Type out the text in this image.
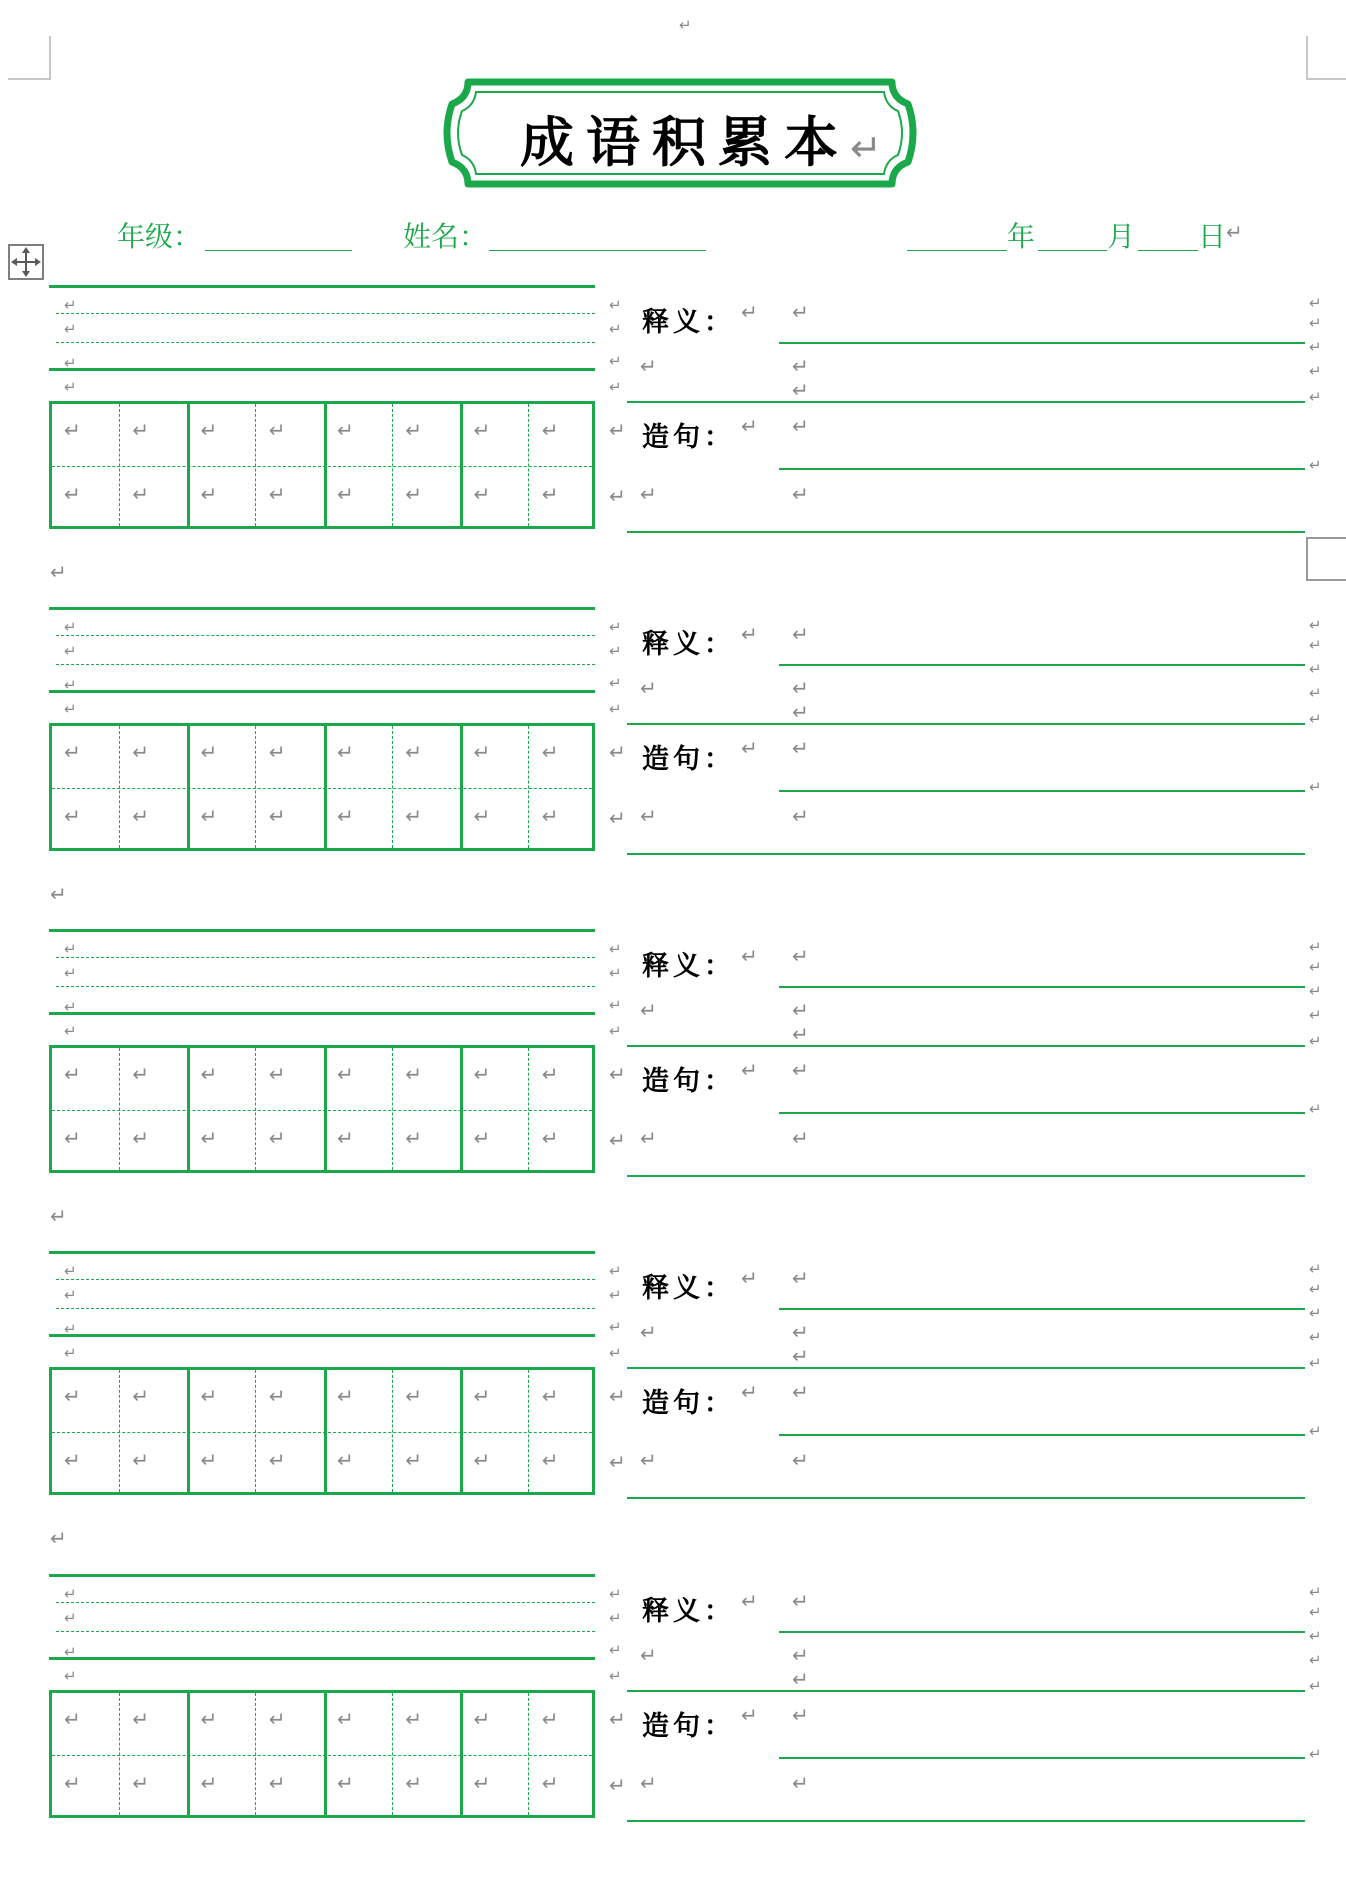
↵
成语积累本↵
年级：	姓名：	年	月 日 ↵
↵
↵
↵
↵
↵	↵	↵	↵	↵	↵	↵	↵
↵	↵	↵	↵	↵	↵	↵	↵
↵
↵
↵
↵
↵
↵
释义：
造句：
↵
↵
↵
↵
↵
↵
↵
↵
↵
↵
↵
↵
↵
↵
↵
↵
↵
↵
↵
↵
↵	↵	↵	↵	↵	↵	↵	↵
↵	↵	↵	↵	↵	↵	↵	↵
↵
↵
↵
↵
↵
↵
释义：
造句：
↵
↵
↵
↵
↵
↵
↵
↵
↵
↵
↵
↵
↵
↵
↵
↵
↵
↵
↵
↵
↵	↵	↵	↵	↵	↵	↵	↵
↵	↵	↵	↵	↵	↵	↵	↵
↵
↵
↵
↵
↵
↵
释义：
造句：
↵
↵
↵
↵
↵
↵
↵
↵
↵
↵
↵
↵
↵
↵
↵
↵
↵
↵
↵
↵
↵	↵	↵	↵	↵	↵	↵	↵
↵	↵	↵	↵	↵	↵	↵	↵
↵
↵
↵
↵
↵
↵
释义：
造句：
↵
↵
↵
↵
↵
↵
↵
↵
↵
↵
↵
↵
↵
↵
↵
↵
↵
↵
↵
↵
↵	↵	↵	↵	↵	↵	↵	↵
↵	↵	↵	↵	↵	↵	↵	↵
↵
↵
↵
↵
↵
↵
释义：
造句：
↵
↵
↵
↵
↵
↵
↵
↵
↵
↵
↵
↵
↵
↵
↵
